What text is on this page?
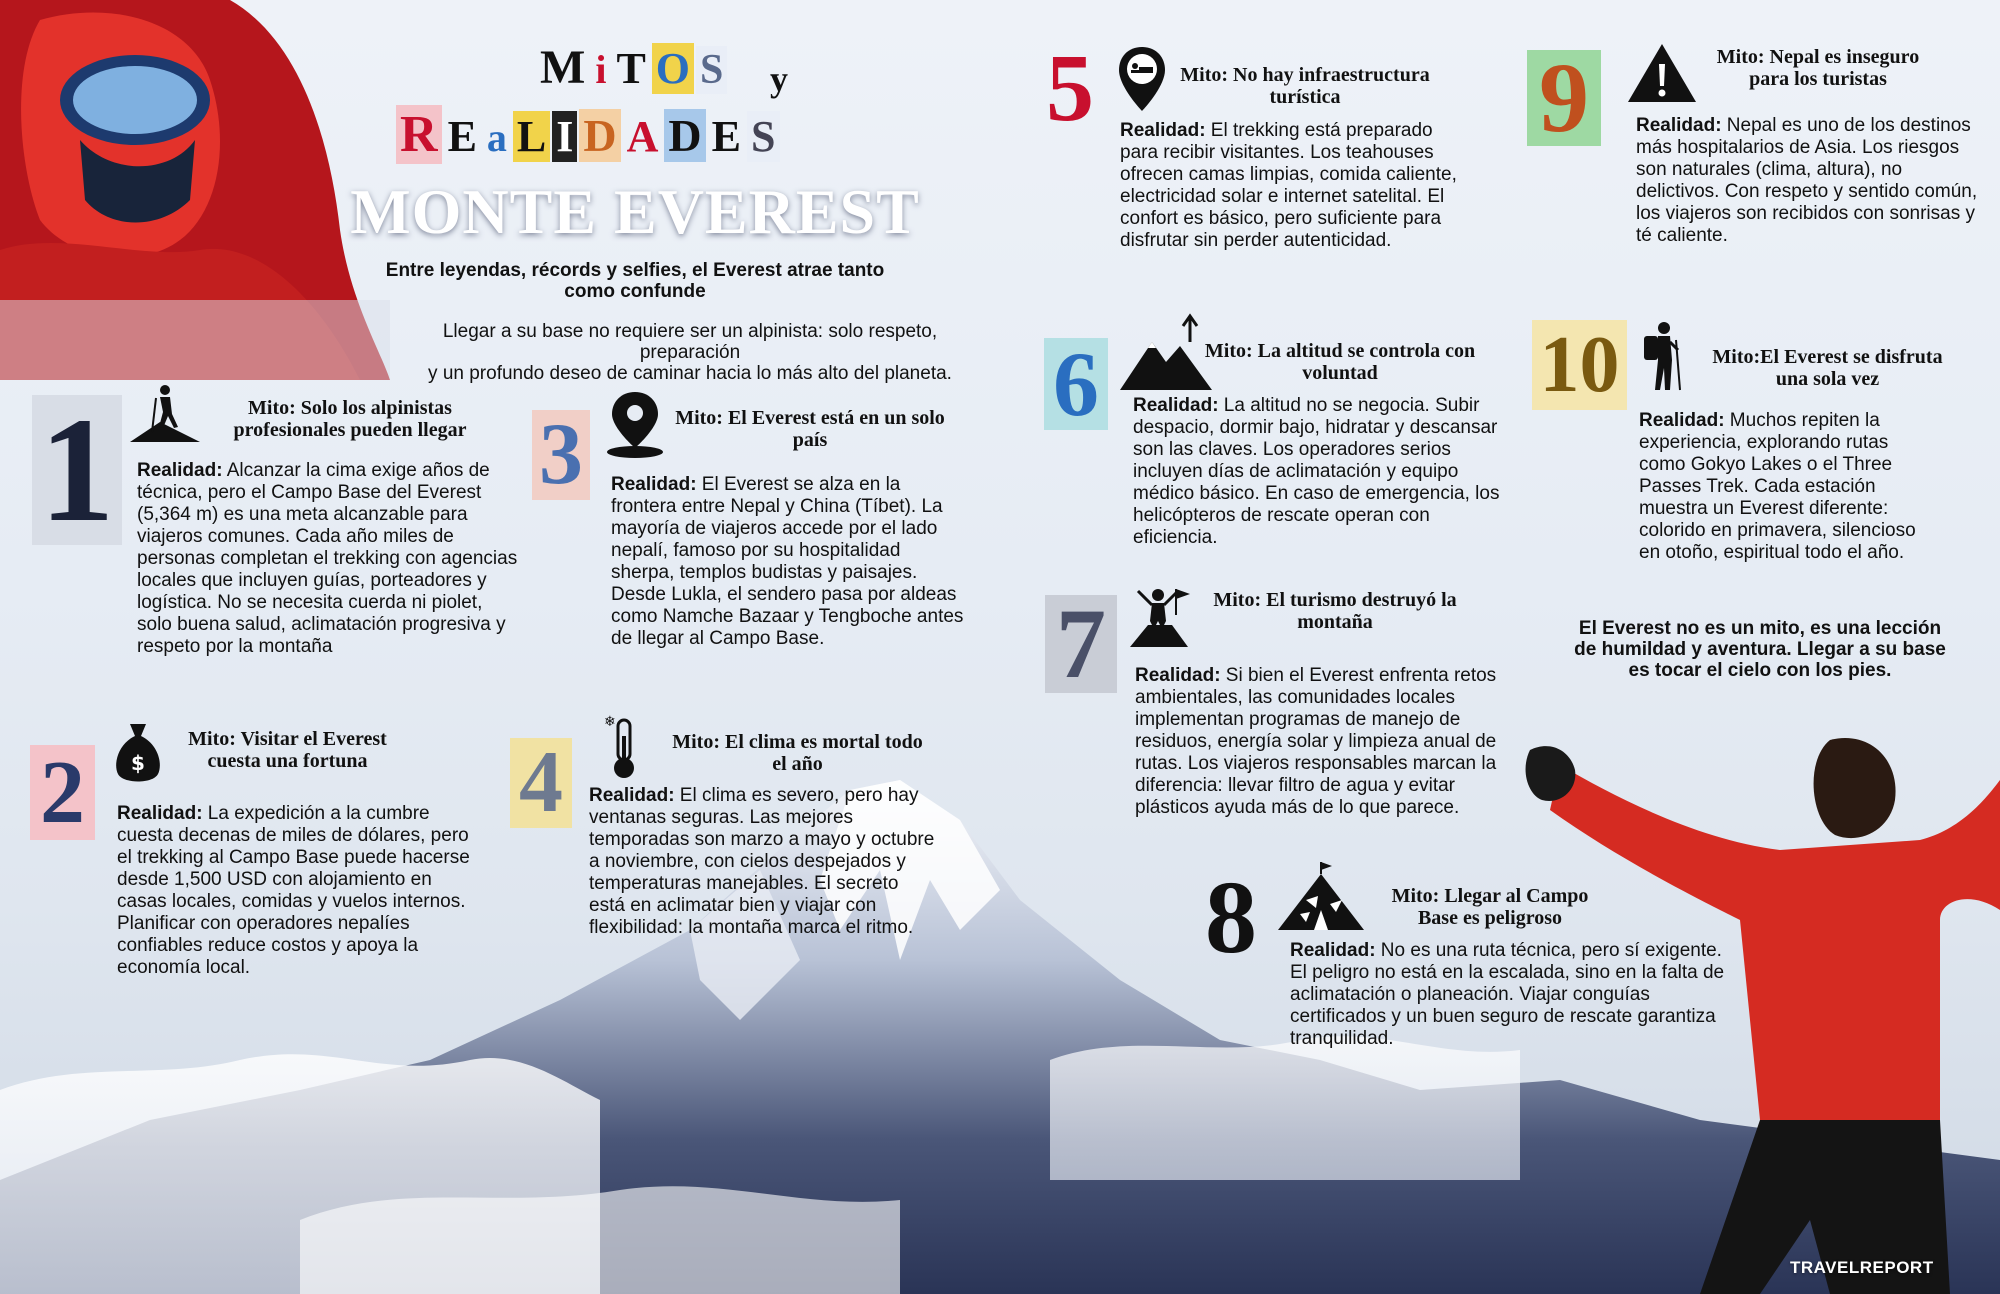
M i T O S	y
R E a L I D A D E S
MONTE EVEREST
Entre leyendas, récords y selfies, el Everest atrae tanto como confunde
Llegar a su base no requiere ser un alpinista: solo respeto, preparación
y un profundo deseo de caminar hacia lo más alto del planeta.
1	Mito: Solo los alpinistas profesionales pueden llegar
Realidad: Alcanzar la cima exige años de técnica, pero el Campo Base del Everest (5,364 m) es una meta alcanzable para viajeros comunes. Cada año miles de personas completan el trekking con agencias locales que incluyen guías, porteadores y logística. No se necesita cuerda ni piolet, solo buena salud, aclimatación progresiva y respeto por la montaña
2	$
Mito: Visitar el Everest cuesta una fortuna
Realidad: La expedición a la cumbre cuesta decenas de miles de dólares, pero el trekking al Campo Base puede hacerse desde 1,500 USD con alojamiento en casas locales, comidas y vuelos internos. Planificar con operadores nepalíes confiables reduce costos y apoya la economía local.
3	Mito: El Everest está en un solo país
Realidad: El Everest se alza en la frontera entre Nepal y China (Tíbet). La mayoría de viajeros accede por el lado nepalí, famoso por su hospitalidad sherpa, templos budistas y paisajes. Desde Lukla, el sendero pasa por aldeas como Namche Bazaar y Tengboche antes de llegar al Campo Base.
4
❄
Mito: El clima es mortal todo el año
Realidad: El clima es severo, pero hay ventanas seguras. Las mejores temporadas son marzo a mayo y octubre a noviembre, con cielos despejados y temperaturas manejables. El secreto está en aclimatar bien y viajar con flexibilidad: la montaña marca el ritmo.
5	Mito: No hay infraestructura turística
Realidad: El trekking está preparado para recibir visitantes. Los teahouses ofrecen camas limpias, comida caliente, electricidad solar e internet satelital. El confort es básico, pero suficiente para disfrutar sin perder autenticidad.
6	Mito: La altitud se controla con voluntad
Realidad: La altitud no se negocia. Subir despacio, dormir bajo, hidratar y descansar son las claves. Los operadores serios incluyen días de aclimatación y equipo médico básico. En caso de emergencia, los helicópteros de rescate operan con eficiencia.
7	Mito: El turismo destruyó la montaña
Realidad: Si bien el Everest enfrenta retos ambientales, las comunidades locales implementan programas de manejo de residuos, energía solar y limpieza anual de rutas. Los viajeros responsables marcan la diferencia: llevar filtro de agua y evitar plásticos ayuda más de lo que parece.
8	Mito: Llegar al Campo Base es peligroso
Realidad: No es una ruta técnica, pero sí exigente. El peligro no está en la escalada, sino en la falta de aclimatación o planeación. Viajar conguías certificados y un buen seguro de rescate garantiza tranquilidad.
9	Mito: Nepal es inseguro para los turistas
Realidad: Nepal es uno de los destinos más hospitalarios de Asia. Los riesgos son naturales (clima, altura), no delictivos. Con respeto y sentido común, los viajeros son recibidos con sonrisas y té caliente.
10	Mito:El Everest se disfruta una sola vez
Realidad: Muchos repiten la experiencia, explorando rutas como Gokyo Lakes o el Three Passes Trek. Cada estación muestra un Everest diferente: colorido en primavera, silencioso en otoño, espiritual todo el año.
El Everest no es un mito, es una lección de humildad y aventura. Llegar a su base es tocar el cielo con los pies.
TRAVELREPORT
